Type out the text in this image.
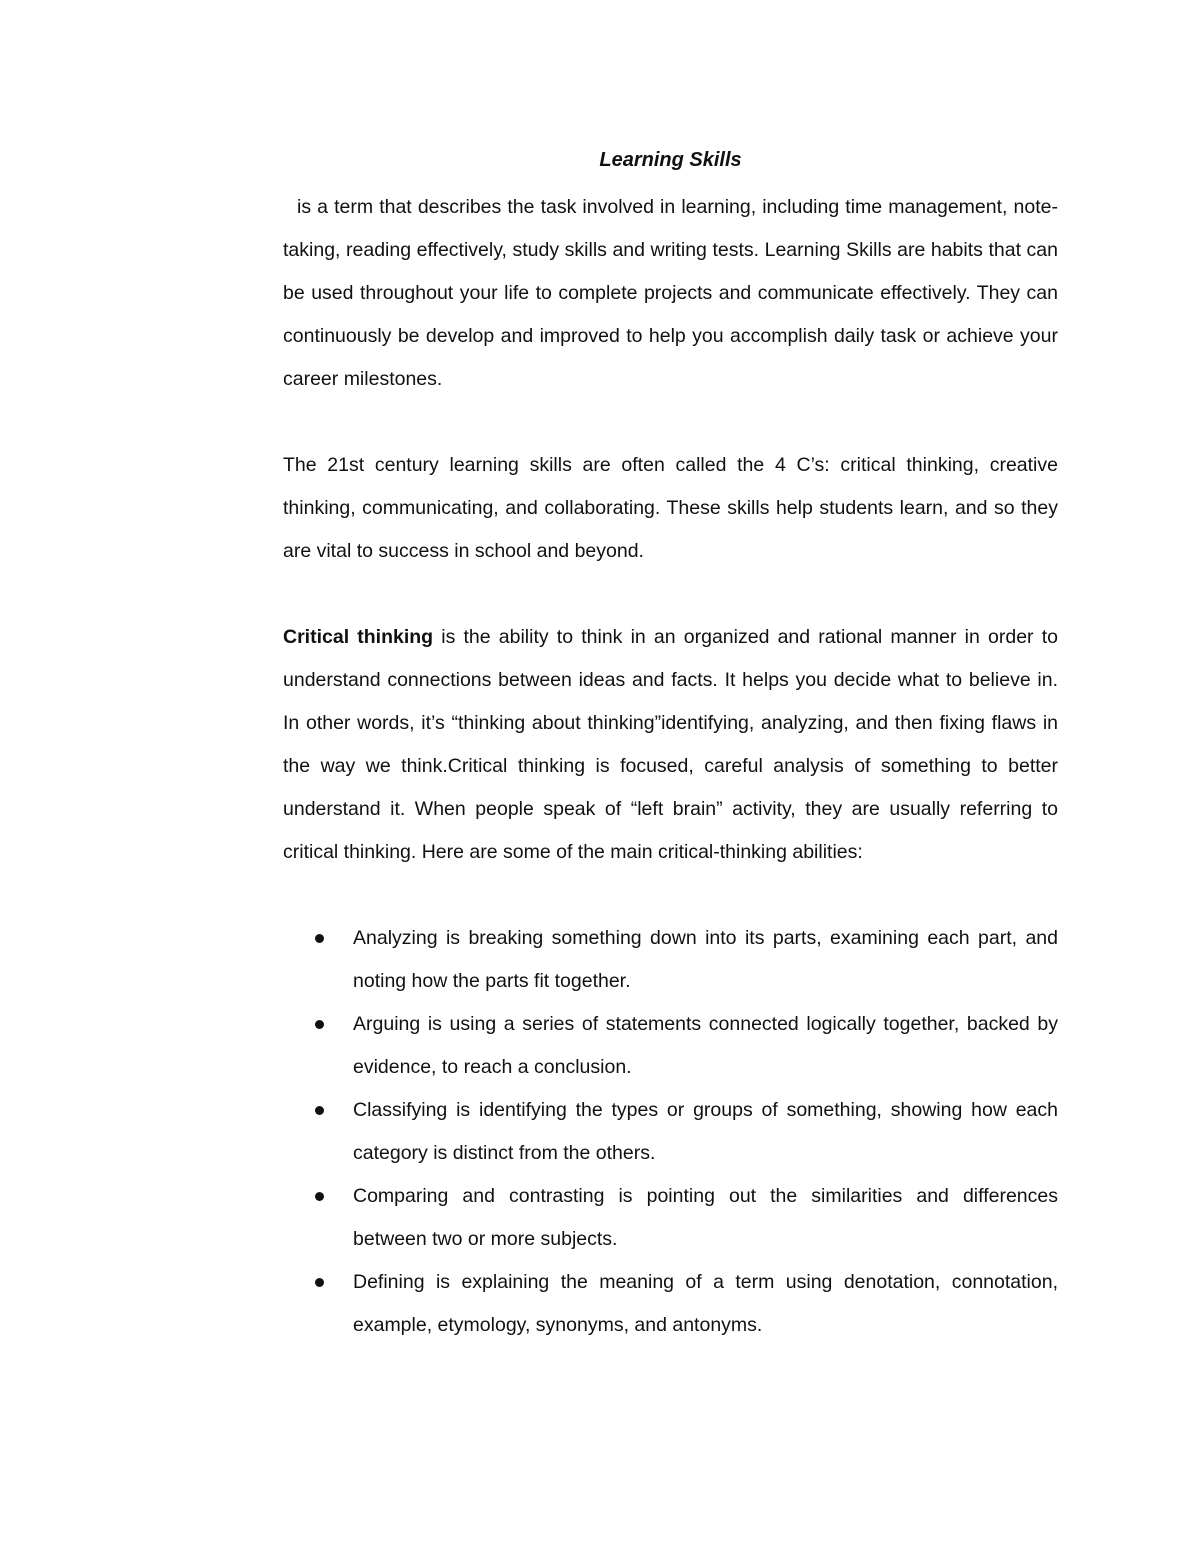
Learning Skills

is a term that describes the task involved in learning, including time management, note-taking, reading effectively, study skills and writing tests. Learning Skills are habits that can be used throughout your life to complete projects and communicate effectively. They can continuously be develop and improved to help you accomplish daily task or achieve your career milestones.

The 21st century learning skills are often called the 4 C’s: critical thinking, creative thinking, communicating, and collaborating. These skills help students learn, and so they are vital to success in school and beyond.

Critical thinking is the ability to think in an organized and rational manner in order to understand connections between ideas and facts. It helps you decide what to believe in. In other words, it’s “thinking about thinking”identifying, analyzing, and then fixing flaws in the way we think.Critical thinking is focused, careful analysis of something to better understand it. When people speak of “left brain” activity, they are usually referring to critical thinking. Here are some of the main critical-thinking abilities:

Analyzing is breaking something down into its parts, examining each part, and noting how the parts fit together.
Arguing is using a series of statements connected logically together, backed by evidence, to reach a conclusion.
Classifying is identifying the types or groups of something, showing how each category is distinct from the others.
Comparing and contrasting is pointing out the similarities and differences between two or more subjects.
Defining is explaining the meaning of a term using denotation, connotation, example, etymology, synonyms, and antonyms.
